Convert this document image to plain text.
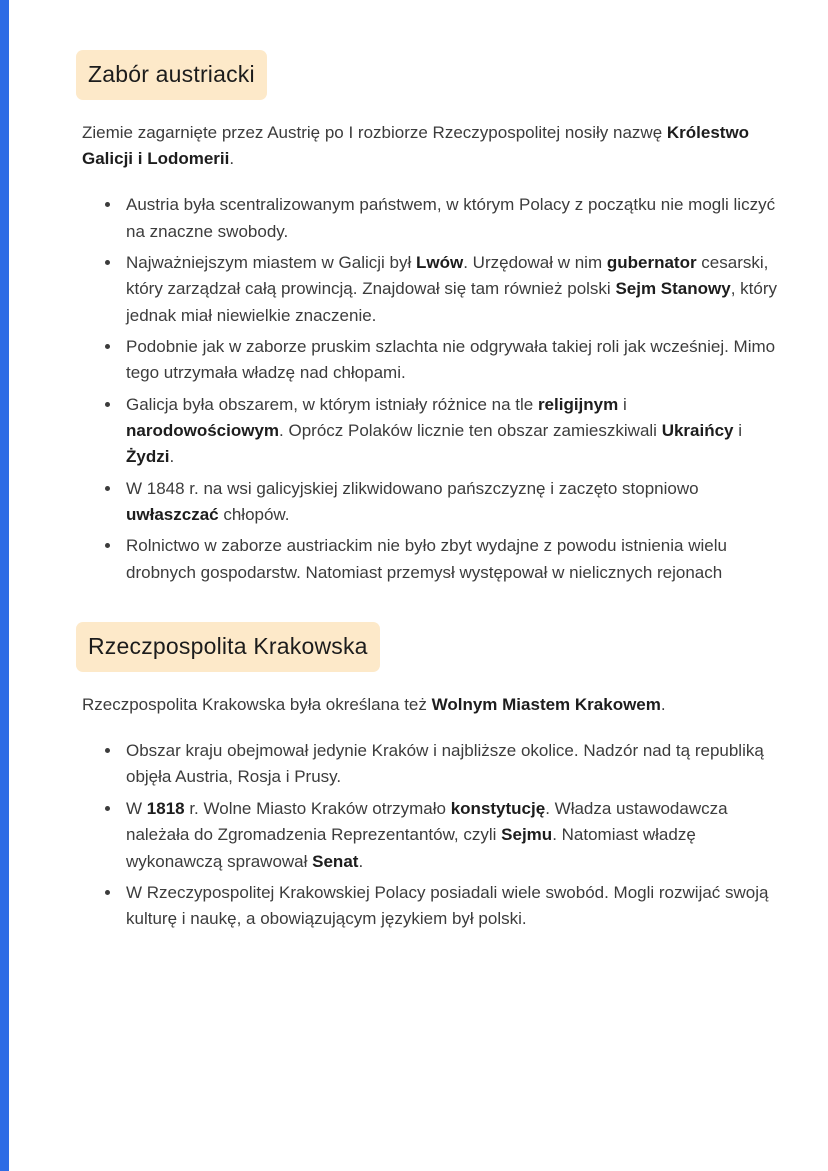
Zabór austriacki

Ziemie zagarnięte przez Austrię po I rozbiorze Rzeczypospolitej nosiły nazwę Królestwo Galicji i Lodomerii.

• Austria była scentralizowanym państwem, w którym Polacy z początku nie mogli liczyć na znaczne swobody.
• Najważniejszym miastem w Galicji był Lwów. Urzędował w nim gubernator cesarski, który zarządzał całą prowincją. Znajdował się tam również polski Sejm Stanowy, który jednak miał niewielkie znaczenie.
• Podobnie jak w zaborze pruskim szlachta nie odgrywała takiej roli jak wcześniej. Mimo tego utrzymała władzę nad chłopami.
• Galicja była obszarem, w którym istniały różnice na tle religijnym i narodowościowym. Oprócz Polaków licznie ten obszar zamieszkiwali Ukraińcy i Żydzi.
• W 1848 r. na wsi galicyjskiej zlikwidowano pańszczyznę i zaczęto stopniowo uwłaszczać chłopów.
• Rolnictwo w zaborze austriackim nie było zbyt wydajne z powodu istnienia wielu drobnych gospodarstw. Natomiast przemysł występował w nielicznych rejonach
Rzeczpospolita Krakowska

Rzeczpospolita Krakowska była określana też Wolnym Miastem Krakowem.

• Obszar kraju obejmował jedynie Kraków i najbliższe okolice. Nadzór nad tą republiką objęła Austria, Rosja i Prusy.
• W 1818 r. Wolne Miasto Kraków otrzymało konstytucję. Władza ustawodawcza należała do Zgromadzenia Reprezentantów, czyli Sejmu. Natomiast władzę wykonawczą sprawował Senat.
• W Rzeczypospolitej Krakowskiej Polacy posiadali wiele swobód. Mogli rozwijać swoją kulturę i naukę, a obowiązującym językiem był polski.
